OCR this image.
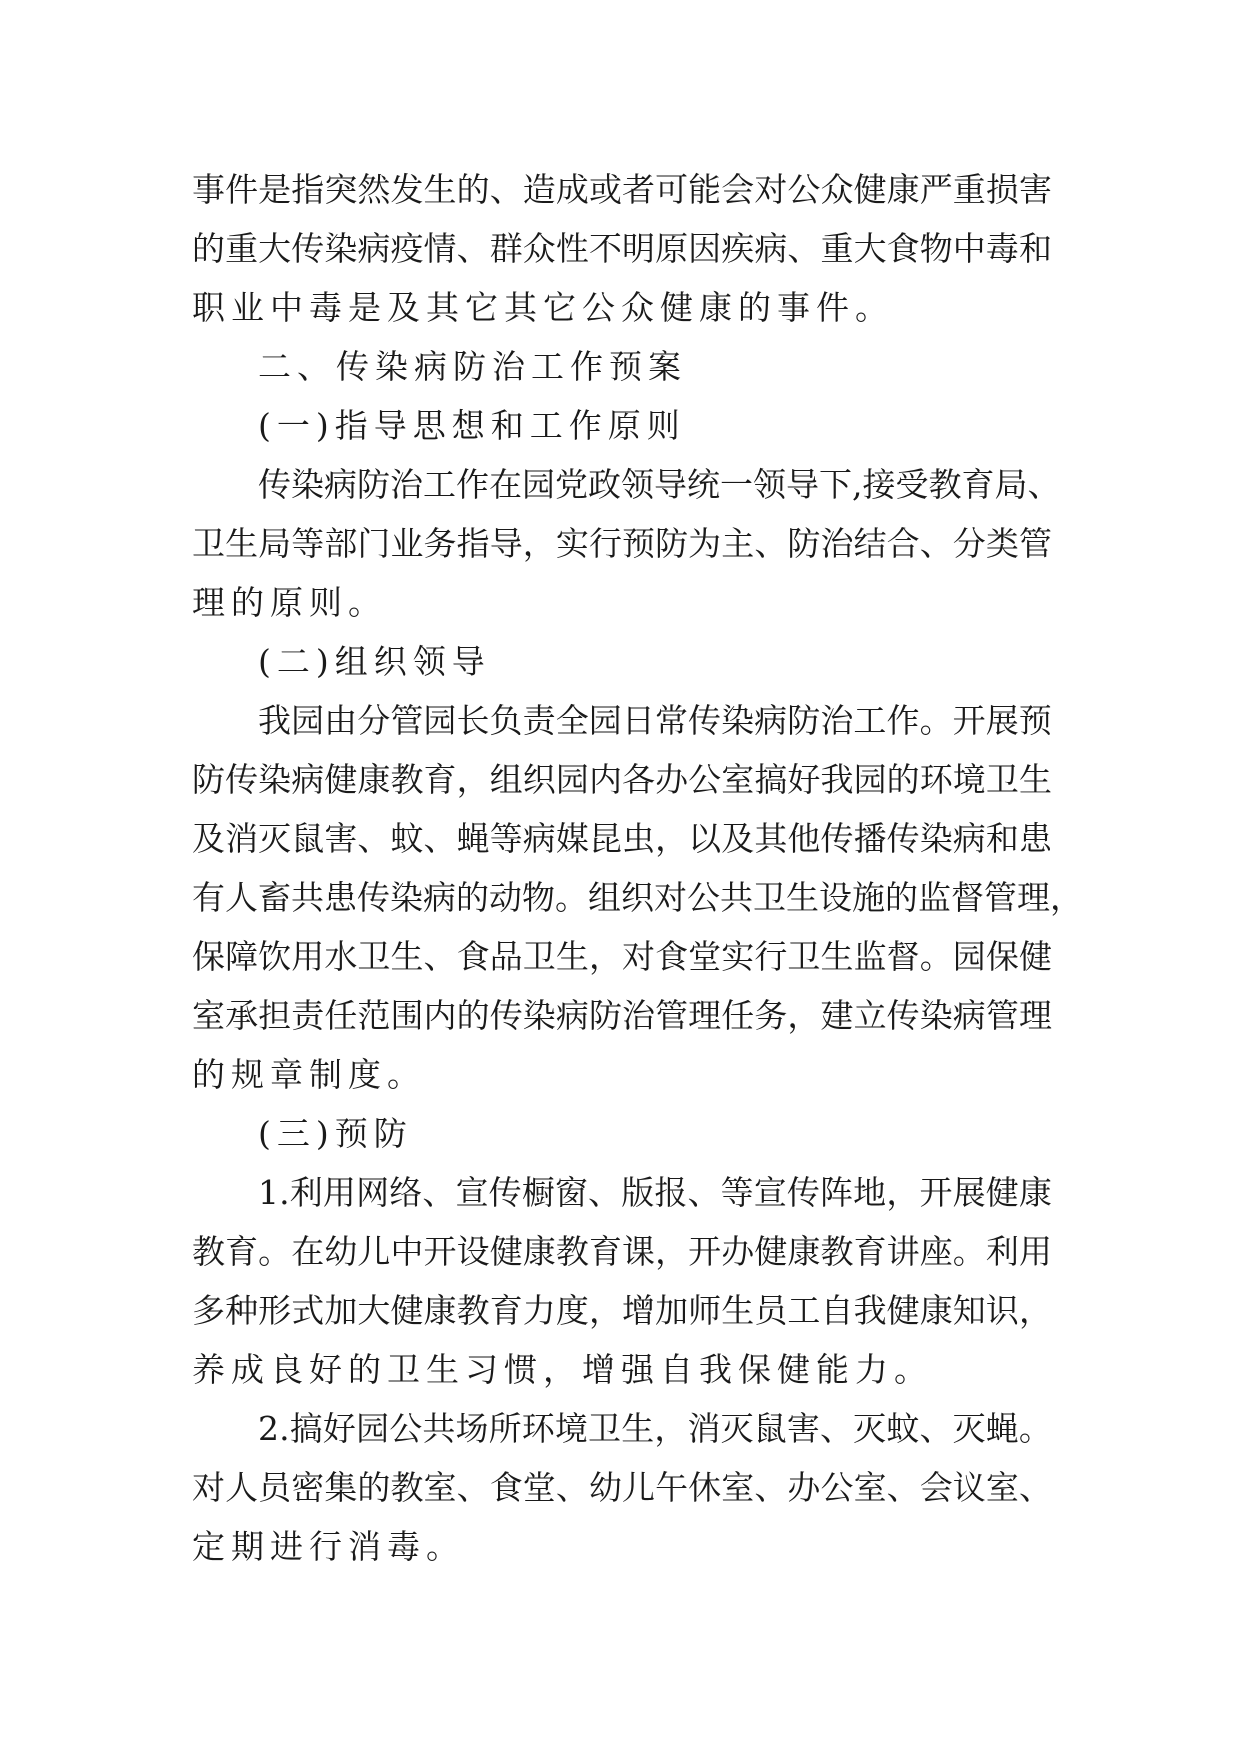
事 件 是 指 突 然 发 生 的 、 造 成 或 者 可 能 会 对 公 众 健 康 严 重 损 害
的 重 大 传 染 病 疫 情 、 群 众 性 不 明 原 因 疾 病 、 重 大 食 物 中 毒 和
职业中毒是及其它其它公众健康的事件。
二、传染病防治工作预案
(一)指导思想和工作原则
传 染 病 防 治 工 作 在 园 党 政 领 导 统 一 领 导 下 , 接 受 教 育 局 、
卫 生 局 等 部 门 业 务 指 导 ， 实 行 预 防 为 主 、 防 治 结 合 、 分 类 管
理的原则。
(二)组织领导
我 园 由 分 管 园 长 负 责 全 园 日 常 传 染 病 防 治 工 作 。 开 展 预
防 传 染 病 健 康 教 育 ， 组 织 园 内 各 办 公 室 搞 好 我 园 的 环 境 卫 生
及 消 灭 鼠 害 、 蚊 、 蝇 等 病 媒 昆 虫 ， 以 及 其 他 传 播 传 染 病 和 患
有 人 畜 共 患 传 染 病 的 动 物 。 组 织 对 公 共 卫 生 设 施 的 监 督 管 理 ，
保 障 饮 用 水 卫 生 、 食 品 卫 生 ， 对 食 堂 实 行 卫 生 监 督 。 园 保 健
室 承 担 责 任 范 围 内 的 传 染 病 防 治 管 理 任 务 ， 建 立 传 染 病 管 理
的规章制度。
(三)预防
1 . 利 用 网 络 、 宣 传 橱 窗 、 版 报 、 等 宣 传 阵 地 ， 开 展 健 康
教 育 。 在 幼 儿 中 开 设 健 康 教 育 课 ， 开 办 健 康 教 育 讲 座 。 利 用
多 种 形 式 加 大 健 康 教 育 力 度 ， 增 加 师 生 员 工 自 我 健 康 知 识 ，
养成良好的卫生习惯，增强自我保健能力。
2 . 搞 好 园 公 共 场 所 环 境 卫 生 ， 消 灭 鼠 害 、 灭 蚊 、 灭 蝇 。
对 人 员 密 集 的 教 室 、 食 堂 、 幼 儿 午 休 室 、 办 公 室 、 会 议 室 、
定期进行消毒。
